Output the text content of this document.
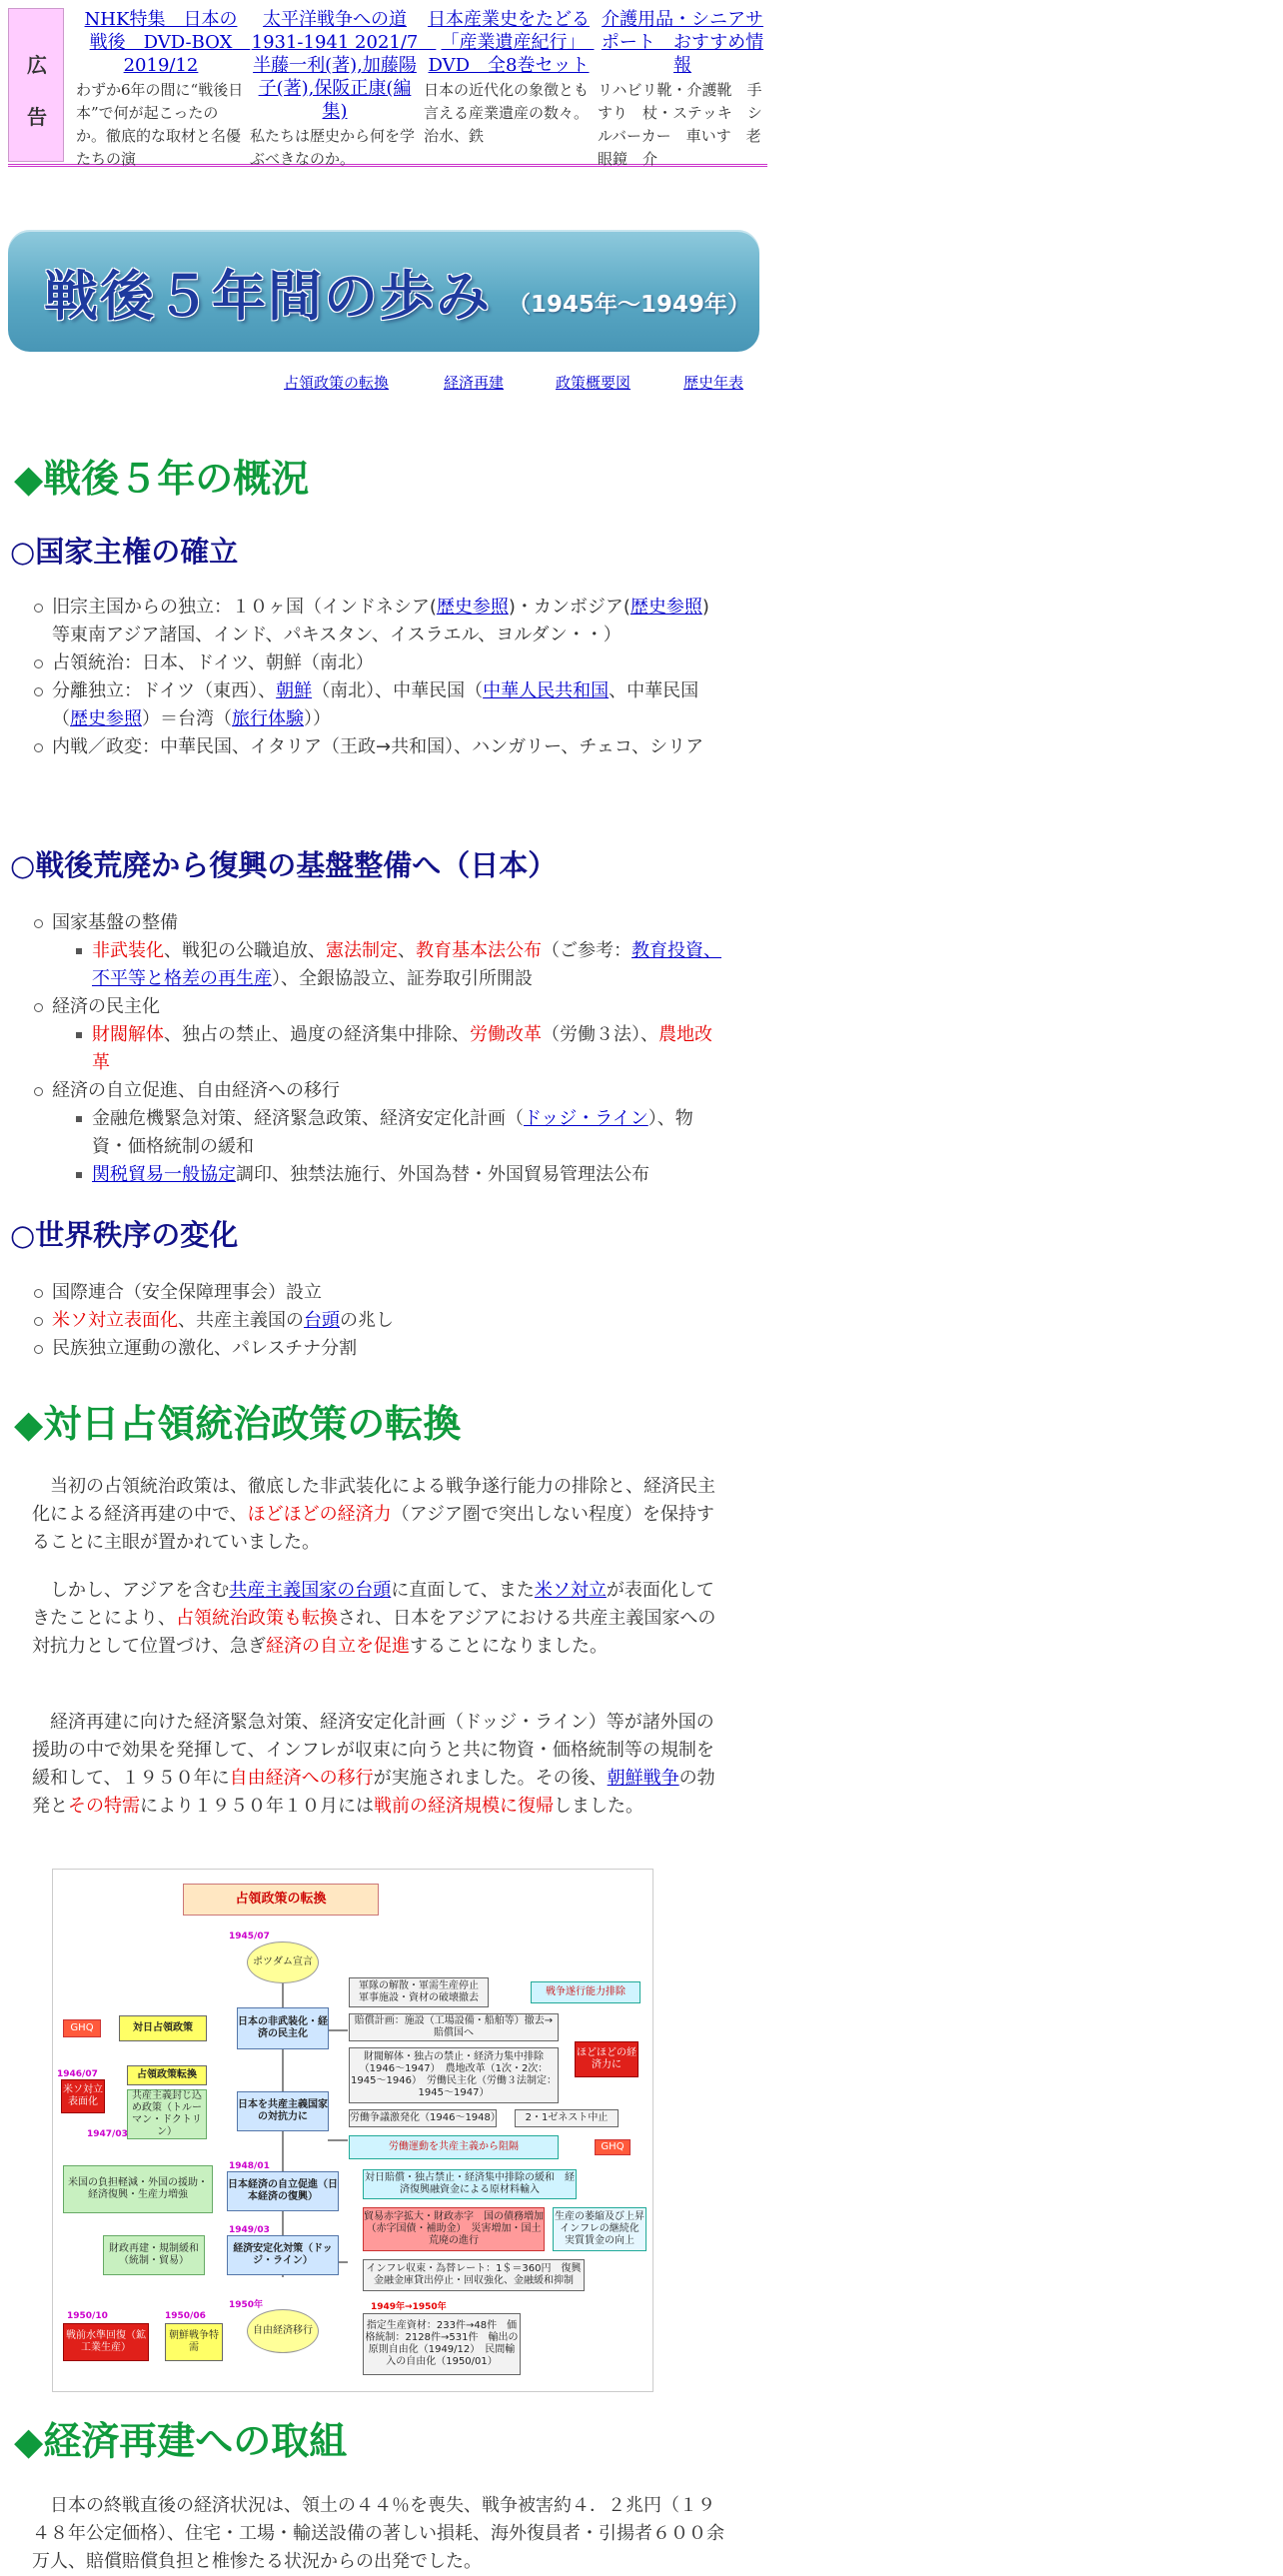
広
告
NHK特集　日本の戦後　DVD-BOX　2019/12
わずか6年の間に“戦後日本”で何が起こったのか。徹底的な取材と名優たちの演
太平洋戦争への道 1931-1941 2021/7　半藤一利(著),加藤陽子(著),保阪正康(編集)
私たちは歴史から何を学ぶべきなのか。
日本産業史をたどる「産業遺産紀行」　DVD　全8巻セット
日本の近代化の象徴とも言える産業遺産の数々。治水、鉄
介護用品・シニアサポート　おすすめ情報
リハビリ靴・介護靴　手すり　杖・ステッキ　シルバーカー　車いす　老眼鏡　介
戦後５年間の歩み （1945年～1949年）
占領政策の転換	経済再建	政策概要図	歴史年表
◆戦後５年の概況
○国家主権の確立
旧宗主国からの独立：１０ヶ国（インドネシア(歴史参照)・カンボジア(歴史参照)等東南アジア諸国、インド、パキスタン、イスラエル、ヨルダン・・）
占領統治：日本、ドイツ、朝鮮（南北）
分離独立：ドイツ（東西）、朝鮮（南北）、中華民国（中華人民共和国、中華民国（歴史参照）＝台湾（旅行体験））
内戦／政変：中華民国、イタリア（王政→共和国）、ハンガリー、チェコ、シリア
○戦後荒廃から復興の基盤整備へ（日本）
国家基盤の整備
非武装化、戦犯の公職追放、憲法制定、教育基本法公布（ご参考：教育投資、不平等と格差の再生産）、全銀協設立、証券取引所開設
経済の民主化
財閥解体、独占の禁止、過度の経済集中排除、労働改革（労働３法）、農地改革
経済の自立促進、自由経済への移行
金融危機緊急対策、経済緊急政策、経済安定化計画（ドッジ・ライン）、物資・価格統制の緩和
関税貿易一般協定調印、独禁法施行、外国為替・外国貿易管理法公布
○世界秩序の変化
国際連合（安全保障理事会）設立
米ソ対立表面化、共産主義国の台頭の兆し
民族独立運動の激化、パレスチナ分割
◆対日占領統治政策の転換

当初の占領統治政策は、徹底した非武装化による戦争遂行能力の排除と、経済民主化による経済再建の中で、ほどほどの経済力（アジア圏で突出しない程度）を保持することに主眼が置かれていました。

しかし、アジアを含む共産主義国家の台頭に直面して、また米ソ対立が表面化してきたことにより、占領統治政策も転換され、日本をアジアにおける共産主義国家への対抗力として位置づけ、急ぎ経済の自立を促進することになりました。

経済再建に向けた経済緊急対策、経済安定化計画（ドッジ・ライン）等が諸外国の援助の中で効果を発揮して、インフレが収束に向うと共に物資・価格統制等の規制を緩和して、１９５０年に自由経済への移行が実施されました。その後、朝鮮戦争の勃発とその特需により１９５０年１０月には戦前の経済規模に復帰しました。

占領政策の転換
1945/07
ポツダム宣言
GHQ	対日占領政策
日本の非武装化・経済の民主化
1946/07
米ソ対立表面化
占領政策転換
共産主義封じ込め政策（トルーマン・ドクトリン）
1947/03
日本を共産主義国家の対抗力に
1948/01
米国の負担軽減・外国の援助・経済復興・生産力増強
日本経済の自立促進（日本経済の復興）
1949/03
財政再建・規制緩和（統制・貿易）
経済安定化対策（ドッジ・ライン）
1950年
自由経済移行
1950/10
戦前水準回復（鉱工業生産）
1950/06
朝鮮戦争特需
軍隊の解散・軍需生産停止　軍事施設・資材の破壊撤去
戦争遂行能力排除
賠償計画：施設（工場設備・船舶等）撤去→賠償国へ
財閥解体・独占の禁止・経済力集中排除（1946～1947）　農地改革（1次・2次：1945～1946）　労働民主化（労働３法制定：1945～1947）
ほどほどの経済力に
労働争議激発化（1946～1948）	2・1ゼネスト中止
労働運動を共産主義から阻隔	GHQ
対日賠償・独占禁止・経済集中排除の緩和　経済復興融資金による原材料輸入
貿易赤字拡大・財政赤字　国の債務増加（赤字国債・補助金）　災害増加・国土荒廃の進行
生産の萎縮及び上昇　インフレの継続化　実質賃金の向上
インフレ収束・為替レート：1＄＝360円　復興金融金庫貸出停止・回収強化、金融緩和抑制
1949年→1950年
指定生産資材：233件→48件　価格統制：2128件→531件　輸出の原則自由化（1949/12）　民間輸入の自由化（1950/01）
◆経済再建への取組

日本の終戦直後の経済状況は、領土の４４％を喪失、戦争被害約４．２兆円（１９４８年公定価格）、住宅・工場・輸送設備の著しい損耗、海外復員者・引揚者６００余万人、賠償賠償負担と椎惨たる状況からの出発でした。
